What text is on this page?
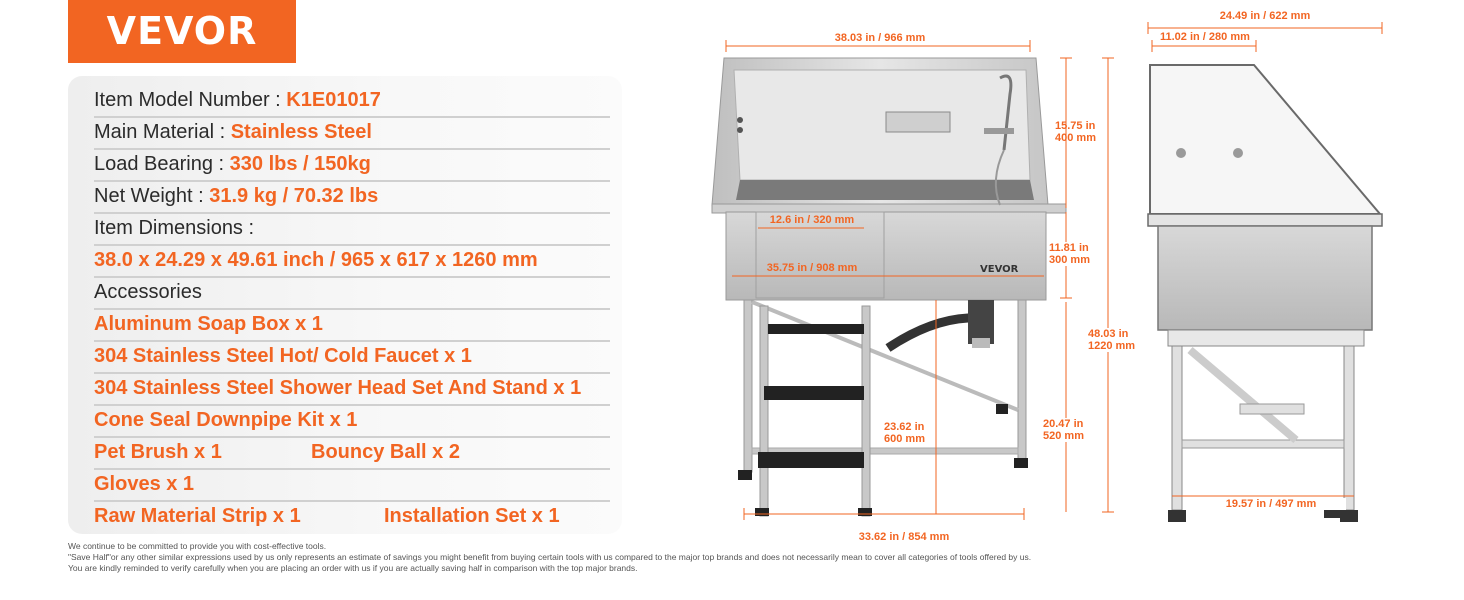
VEVOR
Item Model Number : K1E01017
Main Material : Stainless Steel
Load Bearing : 330 lbs / 150kg
Net Weight : 31.9 kg / 70.32 lbs
Item Dimensions :
38.0 x 24.29 x 49.61 inch / 965 x 617 x 1260 mm
Accessories
Aluminum Soap Box x 1
304 Stainless Steel Hot/ Cold Faucet x 1
304 Stainless Steel Shower Head Set And Stand x 1
Cone Seal Downpipe Kit x 1
Pet Brush x 1	Bouncy Ball x 2
Gloves x 1
Raw Material Strip x 1	Installation Set x 1
We continue to be committed to provide you with cost-effective tools.
"Save Half"or any other similar expressions used by us only represents an estimate of savings you might benefit from buying certain tools with us compared to the major top brands and does not necessarily mean to cover all categories of tools offered by us.
You are kindly reminded to verify carefully when you are placing an order with us if you are actually saving half in comparison with the top major brands.
VEVOR
38.03 in / 966 mm
12.6 in / 320 mm
35.75 in / 908 mm
15.75 in
400 mm
11.81 in
300 mm
48.03 in
1220 mm
23.62 in
600 mm
20.47 in
520 mm
33.62 in / 854 mm
24.49 in / 622 mm
11.02 in / 280 mm
19.57 in / 497 mm
